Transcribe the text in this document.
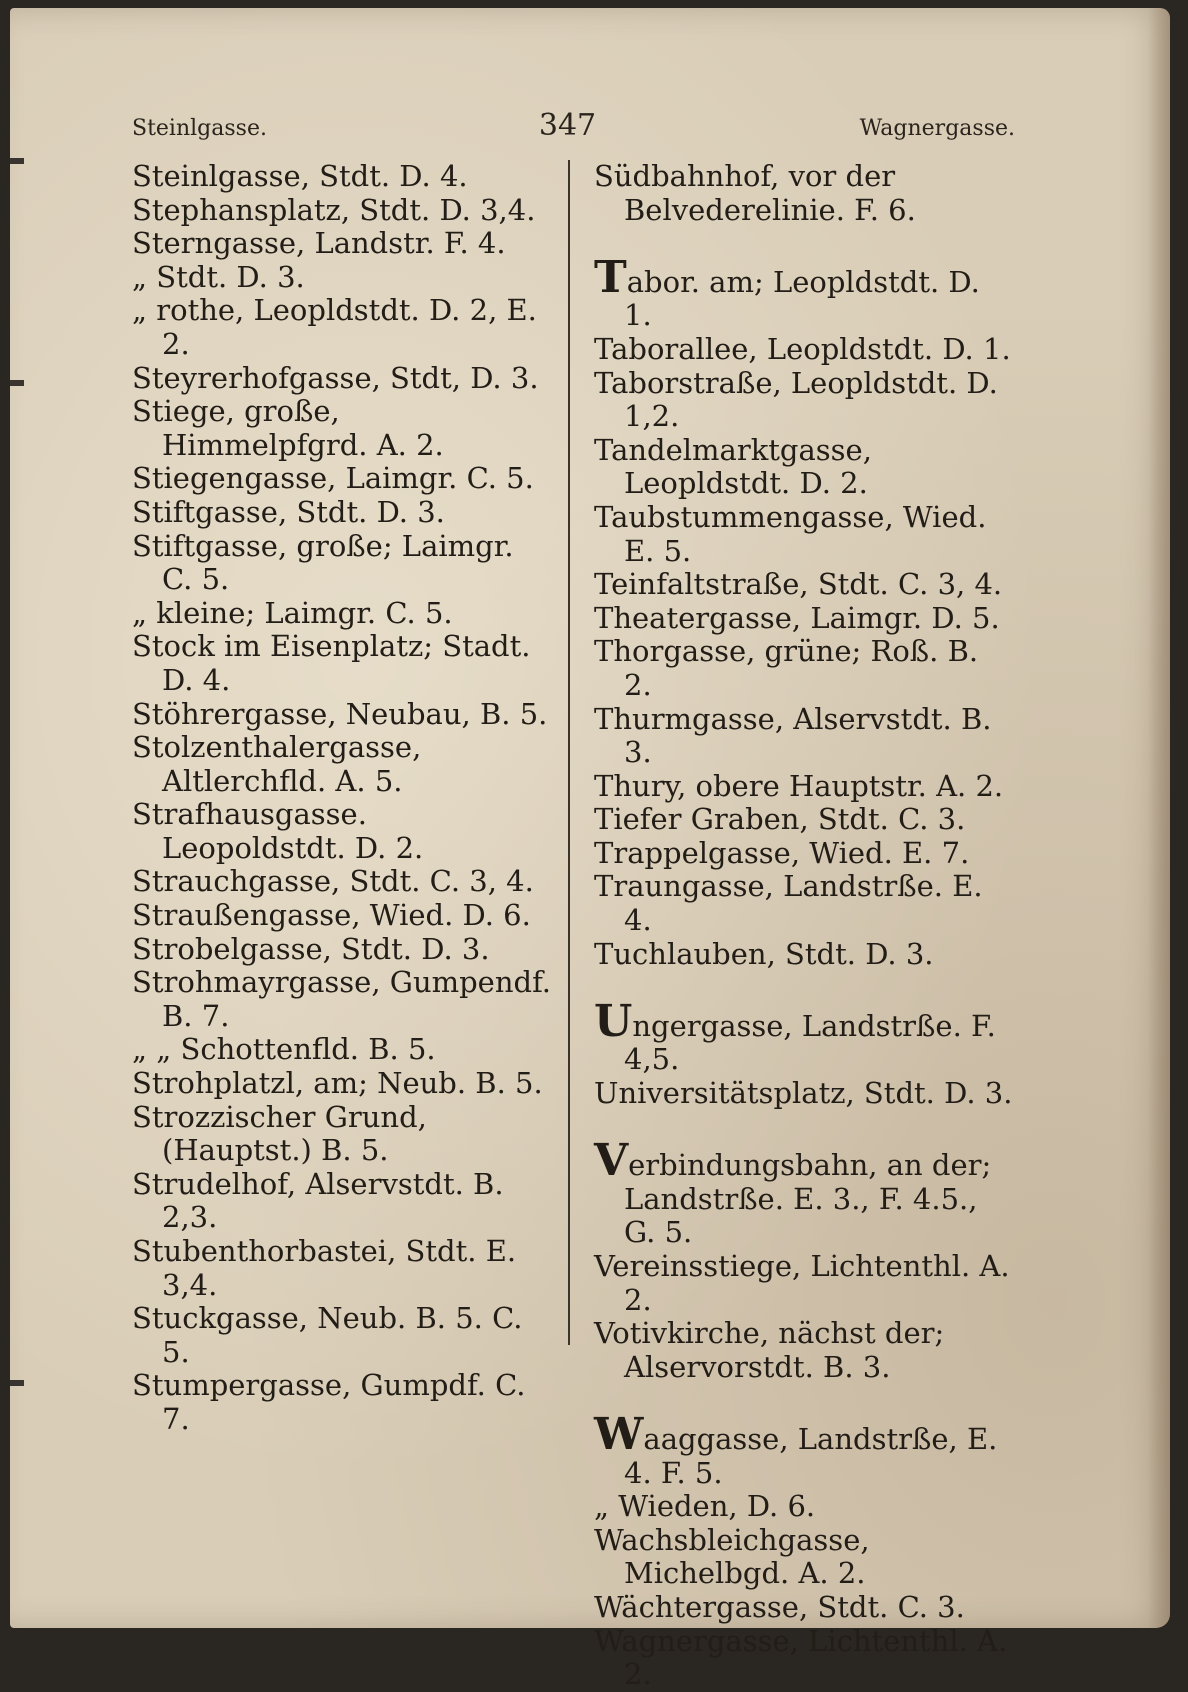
Steinlgasse.	347	Wagnergasse.

Steinlgasse, Stdt. D. 4.

Stephansplatz, Stdt. D. 3,4.

Sterngasse, Landstr. F. 4.

„ Stdt. D. 3.

„ rothe, Leopldstdt. D. 2, E. 2.

Steyrerhofgasse, Stdt, D. 3.

Stiege, große, Himmelpfgrd. A. 2.

Stiegengasse, Laimgr. C. 5.

Stiftgasse, Stdt. D. 3.

Stiftgasse, große; Laimgr. C. 5.

„ kleine; Laimgr. C. 5.

Stock im Eisenplatz; Stadt. D. 4.

Stöhrergasse, Neubau, B. 5.

Stolzenthalergasse, Altlerchfld. A. 5.

Strafhausgasse. Leopoldstdt. D. 2.

Strauchgasse, Stdt. C. 3, 4.

Straußengasse, Wied. D. 6.

Strobelgasse, Stdt. D. 3.

Strohmayrgasse, Gumpendf. B. 7.

„ „ Schottenfld. B. 5.

Strohplatzl, am; Neub. B. 5.

Strozzischer Grund, (Hauptst.) B. 5.

Strudelhof, Alservstdt. B. 2,3.

Stubenthorbastei, Stdt. E. 3,4.

Stuckgasse, Neub. B. 5. C. 5.

Stumpergasse, Gumpdf. C. 7.

Südbahnhof, vor der Belvederelinie. F. 6.

Tabor. am; Leopldstdt. D. 1.

Taborallee, Leopldstdt. D. 1.

Taborstraße, Leopldstdt. D. 1,2.

Tandelmarktgasse, Leopldstdt. D. 2.

Taubstummengasse, Wied. E. 5.

Teinfaltstraße, Stdt. C. 3, 4.

Theatergasse, Laimgr. D. 5.

Thorgasse, grüne; Roß. B. 2.

Thurmgasse, Alservstdt. B. 3.

Thury, obere Hauptstr. A. 2.

Tiefer Graben, Stdt. C. 3.

Trappelgasse, Wied. E. 7.

Traungasse, Landstrße. E. 4.

Tuchlauben, Stdt. D. 3.

Ungergasse, Landstrße. F. 4,5.

Universitätsplatz, Stdt. D. 3.

Verbindungsbahn, an der; Landstrße. E. 3., F. 4.5., G. 5.

Vereinsstiege, Lichtenthl. A. 2.

Votivkirche, nächst der; Alservorstdt. B. 3.

Waaggasse, Landstrße, E. 4. F. 5.

„ Wieden, D. 6.

Wachsbleichgasse, Michelbgd. A. 2.

Wächtergasse, Stdt. C. 3.

Wagnergasse, Lichtenthl. A. 2.
